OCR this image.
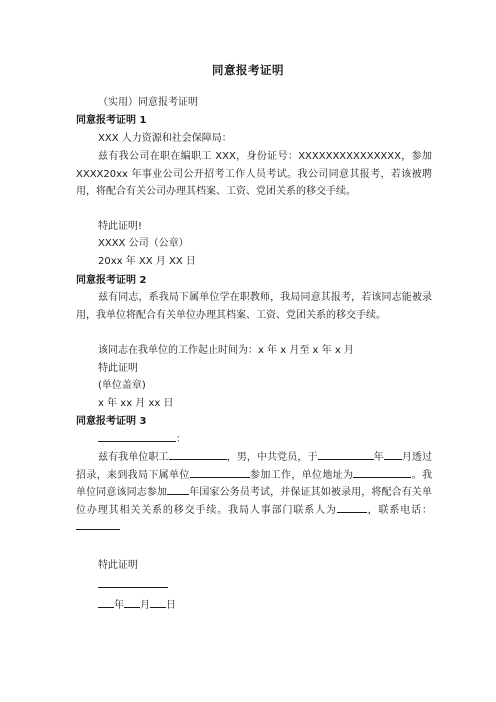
同意报考证明
（实用）同意报考证明
同意报考证明 1
XXX 人力资源和社会保障局：
兹有我公司在职在编职工 XXX，身份证号：XXXXXXXXXXXXXXX，参加 XXXX20xx 年事业公司公开招考工作人员考试。我公司同意其报考，若该被聘用，将配合有关公司办理其档案、工资、党团关系的移交手续。
特此证明!
XXXX 公司（公章）
20xx 年 XX 月 XX 日
同意报考证明 2
兹有同志，系我局下属单位学在职教师，我局同意其报考，若该同志能被录用，我单位将配合有关单位办理其档案、工资、党团关系的移交手续。
该同志在我单位的工作起止时间为：x 年 x 月至 x 年 x 月
特此证明
(单位盖章)
x 年 xx 月 xx 日
同意报考证明 3
：
兹有我单位职工	，男，中共党员，于	年 月透过招录，来到我局下属单位	参加工作，单位地址为	。我单位同意该同志参加 年国家公务员考试，并保证其如被录用，将配合有关单位办理其相关关系的移交手续。我局人事部门联系人为	，联系电话：
特此证明
年 月 日
